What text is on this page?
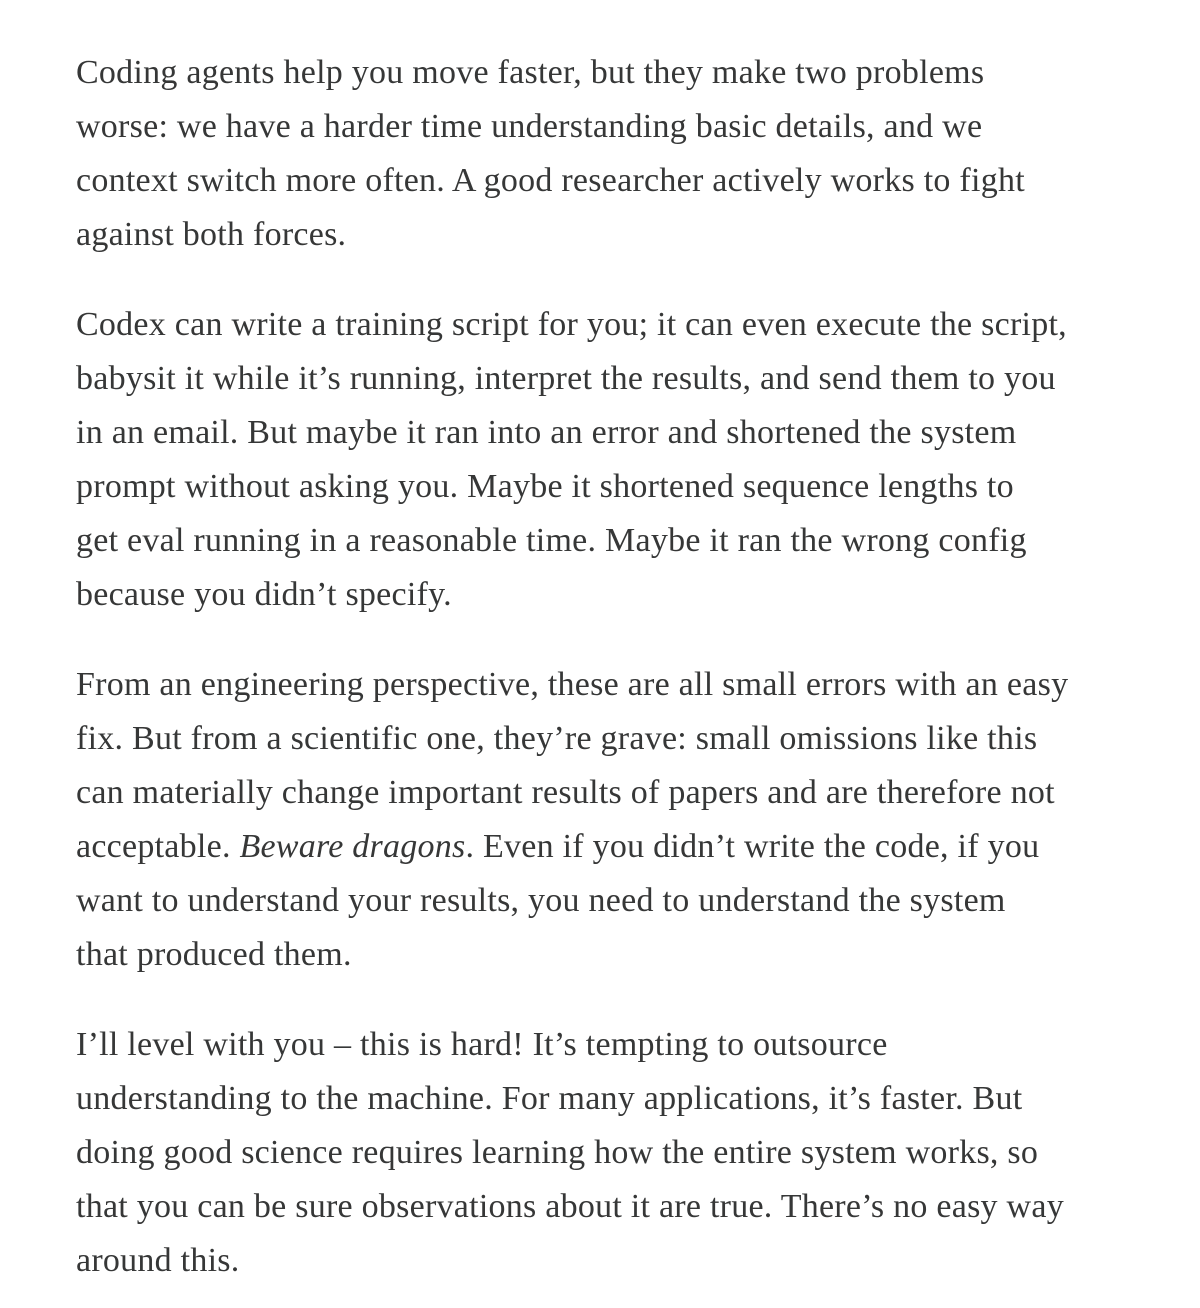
Coding agents help you move faster, but they make two problems
worse: we have a harder time understanding basic details, and we
context switch more often. A good researcher actively works to fight
against both forces.

Codex can write a training script for you; it can even execute the script,
babysit it while it’s running, interpret the results, and send them to you
in an email. But maybe it ran into an error and shortened the system
prompt without asking you. Maybe it shortened sequence lengths to
get eval running in a reasonable time. Maybe it ran the wrong config
because you didn’t specify.

From an engineering perspective, these are all small errors with an easy
fix. But from a scientific one, they’re grave: small omissions like this
can materially change important results of papers and are therefore not
acceptable. Beware dragons. Even if you didn’t write the code, if you
want to understand your results, you need to understand the system
that produced them.

I’ll level with you – this is hard! It’s tempting to outsource
understanding to the machine. For many applications, it’s faster. But
doing good science requires learning how the entire system works, so
that you can be sure observations about it are true. There’s no easy way
around this.
